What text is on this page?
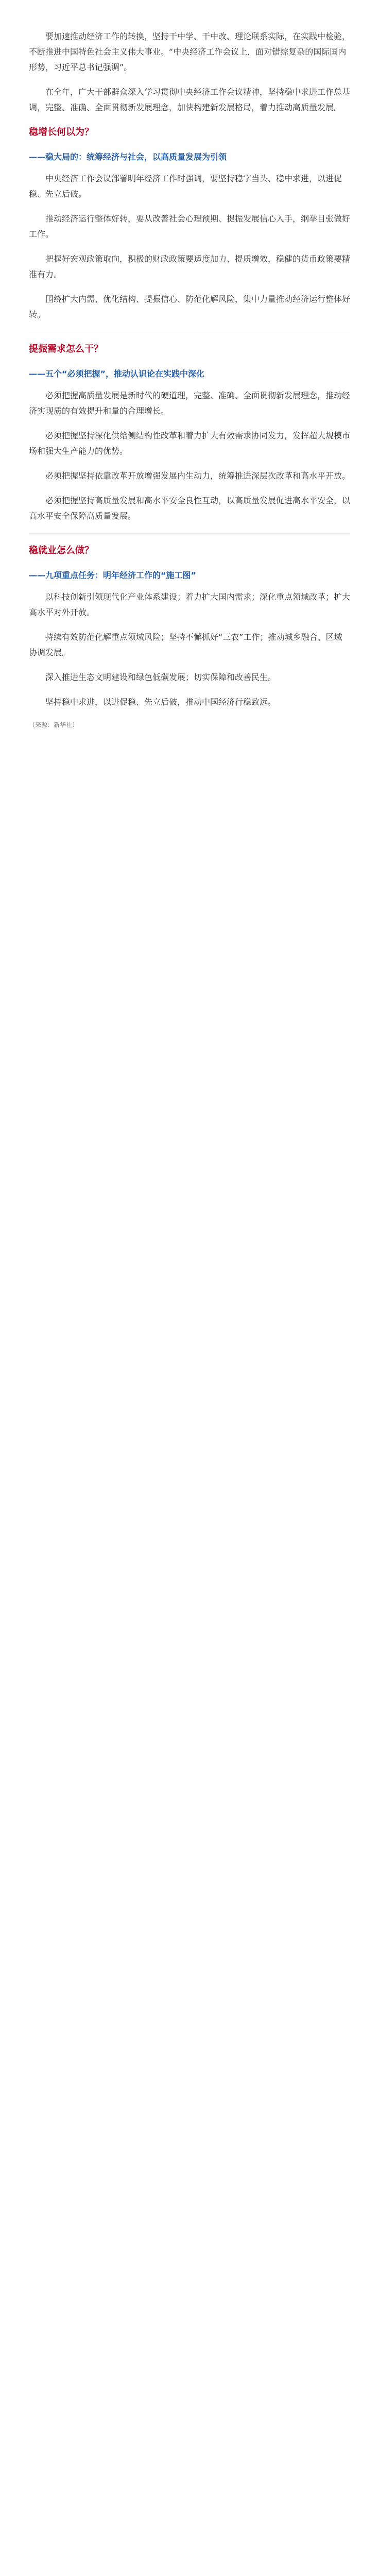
要加速推动经济工作的转换，坚持干中学、干中改、理论联系实际，在实践中检验，不断推进中国特色社会主义伟大事业。“中央经济工作会议上，面对错综复杂的国际国内形势，习近平总书记强调”。

在全年，广大干部群众深入学习贯彻中央经济工作会议精神，坚持稳中求进工作总基调，完整、准确、全面贯彻新发展理念，加快构建新发展格局，着力推动高质量发展。

稳增长何以为？
——稳大局的：统筹经济与社会，以高质量发展为引领

中央经济工作会议部署明年经济工作时强调，要坚持稳字当头、稳中求进，以进促稳、先立后破。

推动经济运行整体好转，要从改善社会心理预期、提振发展信心入手，纲举目张做好工作。

把握好宏观政策取向，积极的财政政策要适度加力、提质增效，稳健的货币政策要精准有力。

围绕扩大内需、优化结构、提振信心、防范化解风险，集中力量推动经济运行整体好转。

提振需求怎么干？
——五个“必须把握”，推动认识论在实践中深化

必须把握高质量发展是新时代的硬道理，完整、准确、全面贯彻新发展理念，推动经济实现质的有效提升和量的合理增长。

必须把握坚持深化供给侧结构性改革和着力扩大有效需求协同发力，发挥超大规模市场和强大生产能力的优势。

必须把握坚持依靠改革开放增强发展内生动力，统筹推进深层次改革和高水平开放。

必须把握坚持高质量发展和高水平安全良性互动，以高质量发展促进高水平安全，以高水平安全保障高质量发展。

稳就业怎么做？
——九项重点任务：明年经济工作的“施工图”

以科技创新引领现代化产业体系建设；着力扩大国内需求；深化重点领域改革；扩大高水平对外开放。

持续有效防范化解重点领域风险；坚持不懈抓好“三农”工作；推动城乡融合、区域协调发展。

深入推进生态文明建设和绿色低碳发展；切实保障和改善民生。

坚持稳中求进，以进促稳、先立后破，推动中国经济行稳致远。

（来源：新华社）
